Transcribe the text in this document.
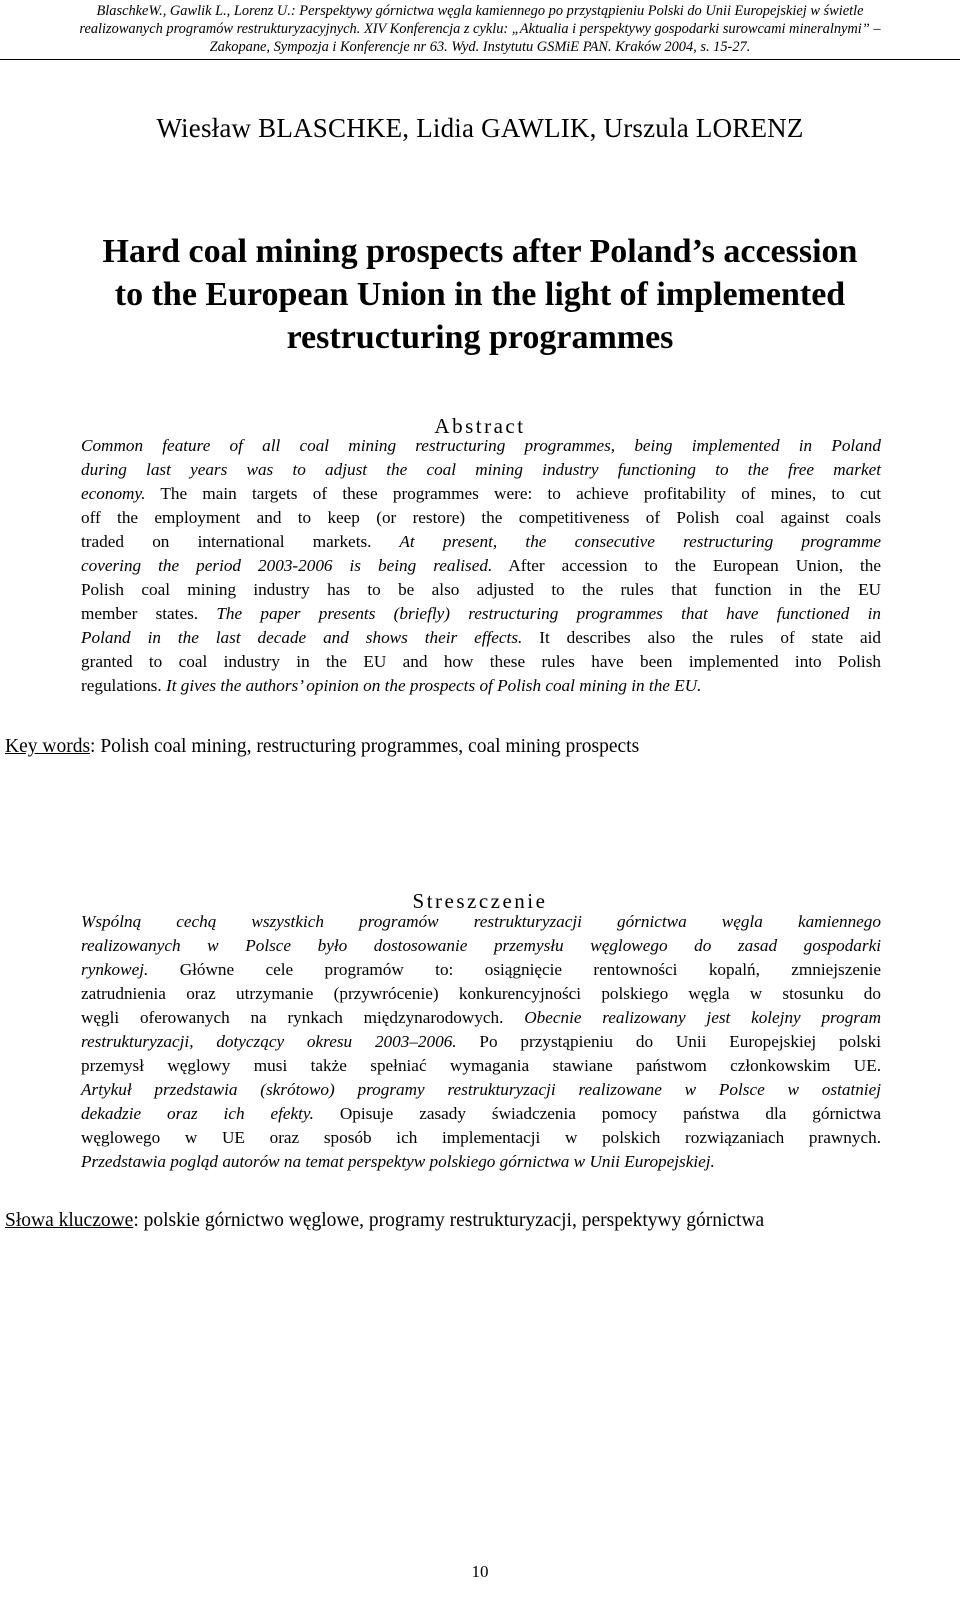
BlaschkeW., Gawlik L., Lorenz U.: Perspektywy górnictwa węgla kamiennego po przystąpieniu Polski do Unii Europejskiej w świetle
realizowanych programów restrukturyzacyjnych. XIV Konferencja z cyklu: „Aktualia i perspektywy gospodarki surowcami mineralnymi” –
Zakopane, Sympozja i Konferencje nr 63. Wyd. Instytutu GSMiE PAN. Kraków 2004, s. 15-27.
Wiesław BLASCHKE, Lidia GAWLIK, Urszula LORENZ
Hard coal mining prospects after Poland’s accession
to the European Union in the light of implemented
restructuring programmes
Abstract
Common feature of all coal mining restructuring programmes, being implemented in Poland
during last years was to adjust the coal mining industry functioning to the free market
economy. The main targets of these programmes were: to achieve profitability of mines, to cut
off the employment and to keep (or restore) the competitiveness of Polish coal against coals
traded on international markets. At present, the consecutive restructuring programme
covering the period 2003-2006 is being realised. After accession to the European Union, the
Polish coal mining industry has to be also adjusted to the rules that function in the EU
member states. The paper presents (briefly) restructuring programmes that have functioned in
Poland in the last decade and shows their effects. It describes also the rules of state aid
granted to coal industry in the EU and how these rules have been implemented into Polish
regulations. It gives the authors’ opinion on the prospects of Polish coal mining in the EU.
Key words: Polish coal mining, restructuring programmes, coal mining prospects
Streszczenie
Wspólną cechą wszystkich programów restrukturyzacji górnictwa węgla kamiennego
realizowanych w Polsce było dostosowanie przemysłu węglowego do zasad gospodarki
rynkowej. Główne cele programów to: osiągnięcie rentowności kopalń, zmniejszenie
zatrudnienia oraz utrzymanie (przywrócenie) konkurencyjności polskiego węgla w stosunku do
węgli oferowanych na rynkach międzynarodowych. Obecnie realizowany jest kolejny program
restrukturyzacji, dotyczący okresu 2003–2006. Po przystąpieniu do Unii Europejskiej polski
przemysł węglowy musi także spełniać wymagania stawiane państwom członkowskim UE.
Artykuł przedstawia (skrótowo) programy restrukturyzacji realizowane w Polsce w ostatniej
dekadzie oraz ich efekty. Opisuje zasady świadczenia pomocy państwa dla górnictwa
węglowego w UE oraz sposób ich implementacji w polskich rozwiązaniach prawnych.
Przedstawia pogląd autorów na temat perspektyw polskiego górnictwa w Unii Europejskiej.
Słowa kluczowe: polskie górnictwo węglowe, programy restrukturyzacji, perspektywy górnictwa
10
